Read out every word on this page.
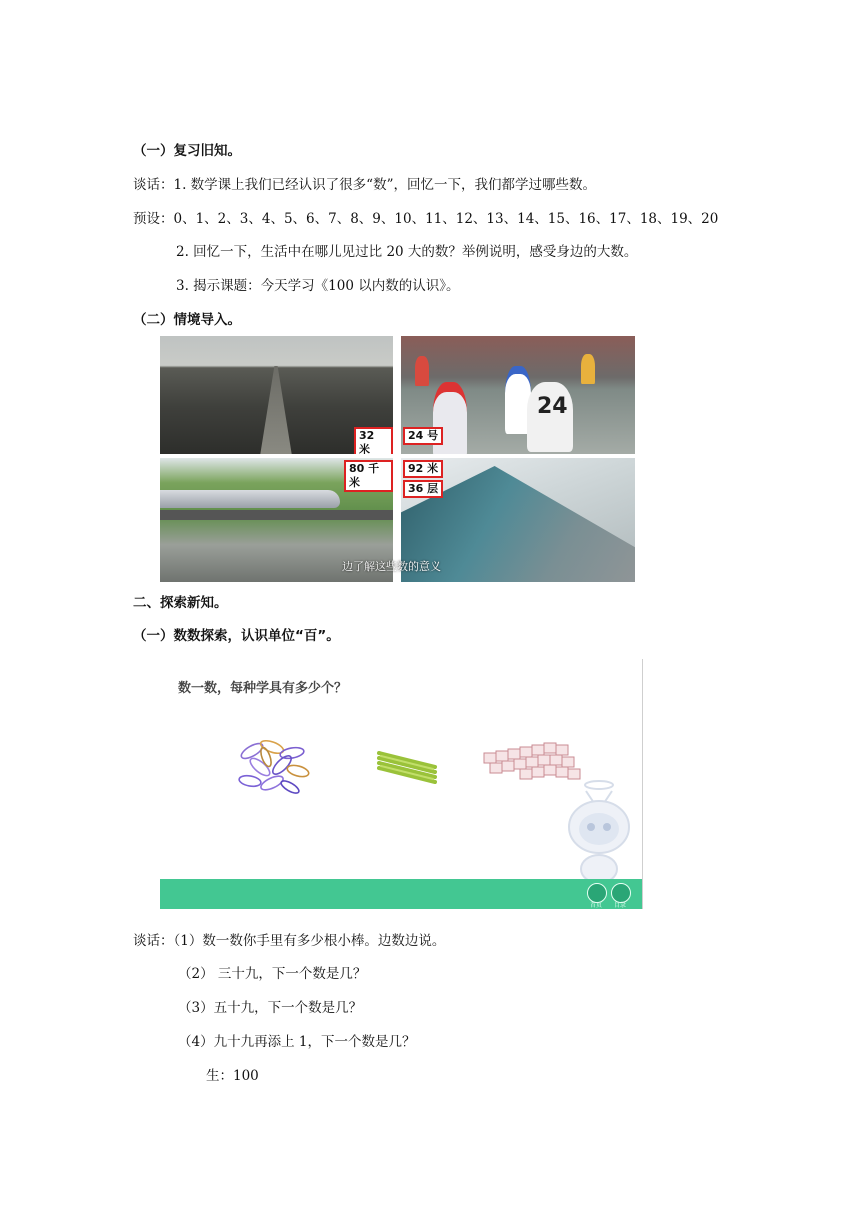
（一）复习旧知。
谈话：1. 数学课上我们已经认识了很多“数”，回忆一下，我们都学过哪些数。
预设：0、1、2、3、4、5、6、7、8、9、10、11、12、13、14、15、16、17、18、19、20
2. 回忆一下，生活中在哪儿见过比 20 大的数？举例说明，感受身边的大数。
3. 揭示课题：今天学习《100 以内数的认识》。
（二）情境导入。
32 米
24
24 号
80 千米
92 米
36 层
边了解这些数的意义
二、探索新知。
（一）数数探索，认识单位“百”。
数一数，每种学具有多少个？
首页 目录
谈话：（1）数一数你手里有多少根小棒。边数边说。
（2） 三十九，下一个数是几？
（3）五十九，下一个数是几？
（4）九十九再添上 1，下一个数是几？
生：100
